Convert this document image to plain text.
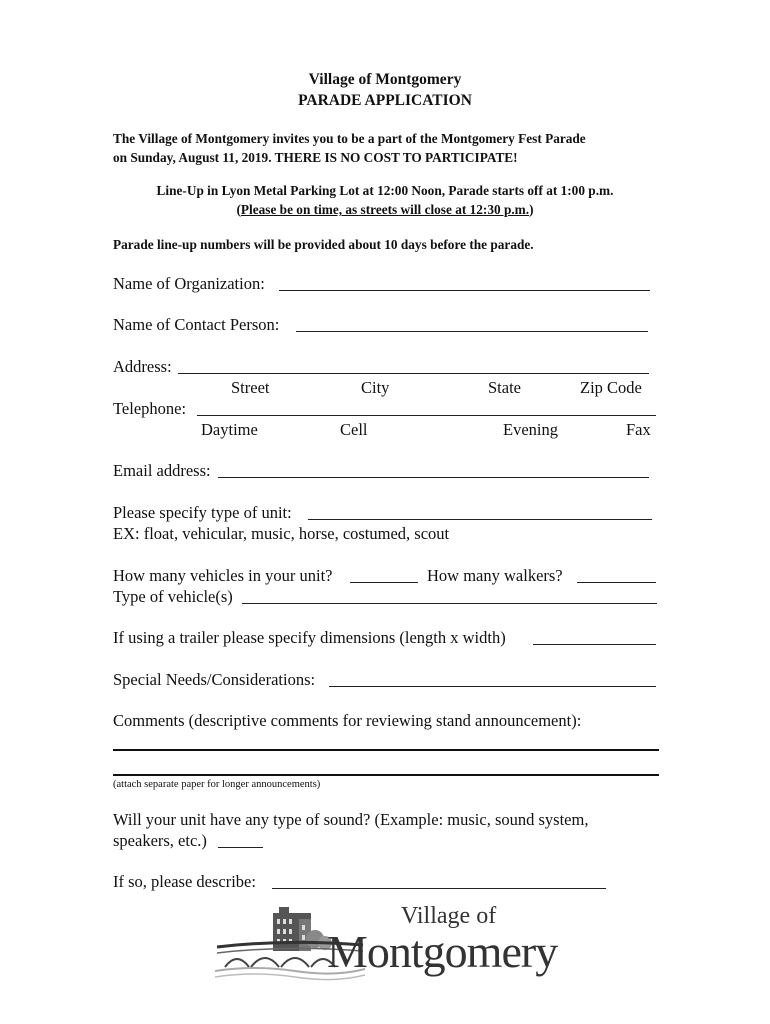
Village of Montgomery
PARADE APPLICATION
The Village of Montgomery invites you to be a part of the Montgomery Fest Parade
on Sunday, August 11, 2019. THERE IS NO COST TO PARTICIPATE!
Line-Up in Lyon Metal Parking Lot at 12:00 Noon, Parade starts off at 1:00 p.m.
(Please be on time, as streets will close at 12:30 p.m.)
Parade line-up numbers will be provided about 10 days before the parade.
Name of Organization:
Name of Contact Person:
Address:
Street	City	State	Zip Code
Telephone:
Daytime	Cell	Evening	Fax
Email address:
Please specify type of unit:
EX: float, vehicular, music, horse, costumed, scout
How many vehicles in your unit?	How many walkers?
Type of vehicle(s)
If using a trailer please specify dimensions (length x width)
Special Needs/Considerations:
Comments (descriptive comments for reviewing stand announcement):
(attach separate paper for longer announcements)
Will your unit have any type of sound? (Example: music, sound system,
speakers, etc.)
If so, please describe:
Village of
Montgomery
